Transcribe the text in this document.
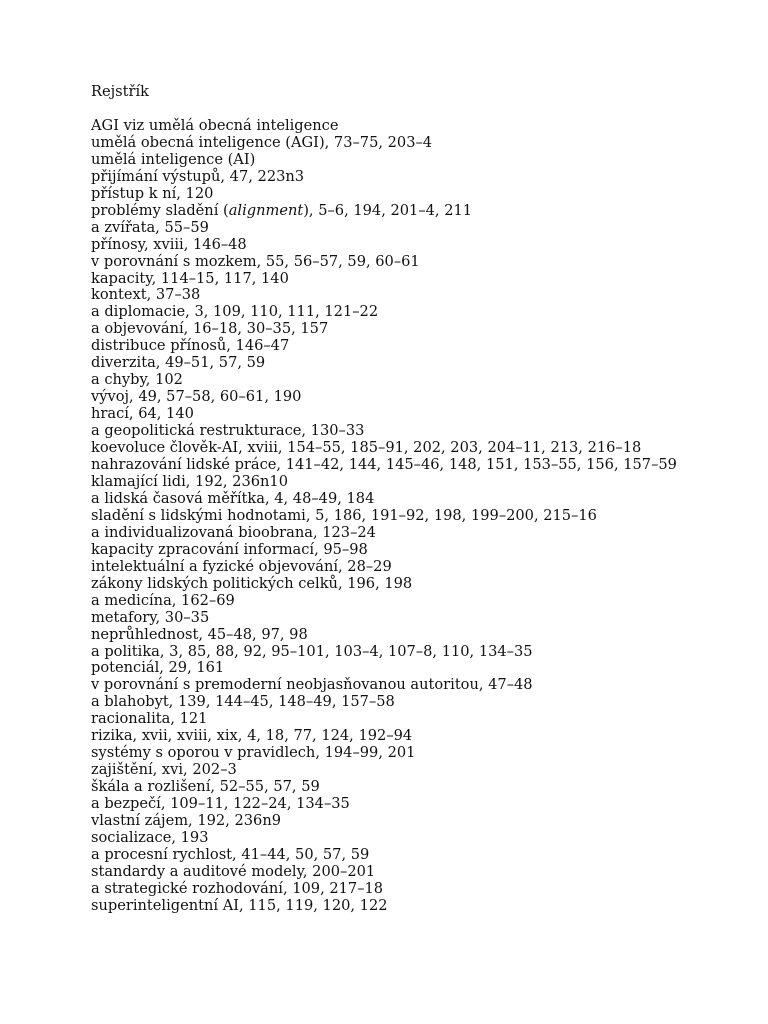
Rejstřík

AGI viz umělá obecná inteligence

umělá obecná inteligence (AGI), 73–75, 203–4

umělá inteligence (AI)

přijímání výstupů, 47, 223n3

přístup k ní, 120

problémy sladění (alignment), 5–6, 194, 201–4, 211

a zvířata, 55–59

přínosy, xviii, 146–48

v porovnání s mozkem, 55, 56–57, 59, 60–61

kapacity, 114–15, 117, 140

kontext, 37–38

a diplomacie, 3, 109, 110, 111, 121–22

a objevování, 16–18, 30–35, 157

distribuce přínosů, 146–47

diverzita, 49–51, 57, 59

a chyby, 102

vývoj, 49, 57–58, 60–61, 190

hrací, 64, 140

a geopolitická restrukturace, 130–33

koevoluce člověk-AI, xviii, 154–55, 185–91, 202, 203, 204–11, 213, 216–18

nahrazování lidské práce, 141–42, 144, 145–46, 148, 151, 153–55, 156, 157–59

klamající lidi, 192, 236n10

a lidská časová měřítka, 4, 48–49, 184

sladění s lidskými hodnotami, 5, 186, 191–92, 198, 199–200, 215–16

a individualizovaná bioobrana, 123–24

kapacity zpracování informací, 95–98

intelektuální a fyzické objevování, 28–29

zákony lidských politických celků, 196, 198

a medicína, 162–69

metafory, 30–35

neprůhlednost, 45–48, 97, 98

a politika, 3, 85, 88, 92, 95–101, 103–4, 107–8, 110, 134–35

potenciál, 29, 161

v porovnání s premoderní neobjasňovanou autoritou, 47–48

a blahobyt, 139, 144–45, 148–49, 157–58

racionalita, 121

rizika, xvii, xviii, xix, 4, 18, 77, 124, 192–94

systémy s oporou v pravidlech, 194–99, 201

zajištění, xvi, 202–3

škála a rozlišení, 52–55, 57, 59

a bezpečí, 109–11, 122–24, 134–35

vlastní zájem, 192, 236n9

socializace, 193

a procesní rychlost, 41–44, 50, 57, 59

standardy a auditové modely, 200–201

a strategické rozhodování, 109, 217–18

superinteligentní AI, 115, 119, 120, 122
